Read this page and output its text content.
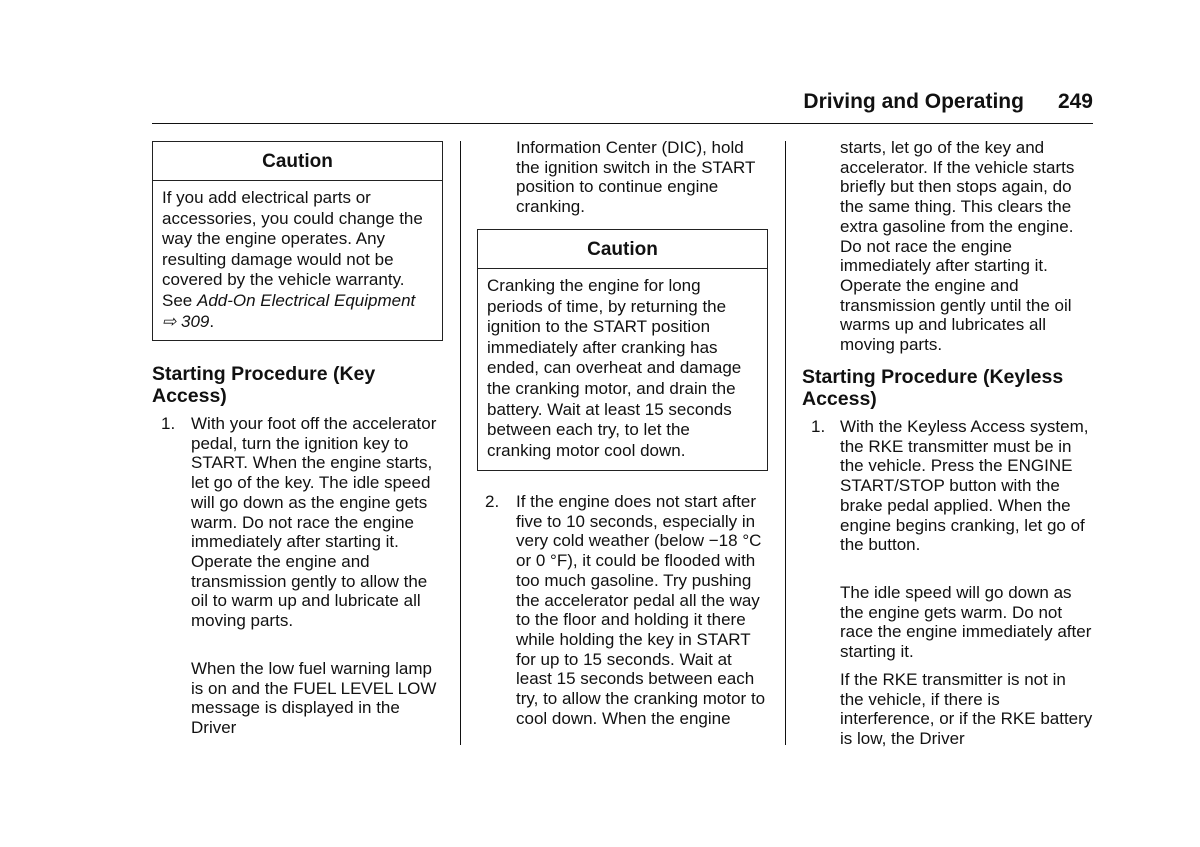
Driving and Operating 249
Caution
If you add electrical parts or accessories, you could change the way the engine operates. Any resulting damage would not be covered by the vehicle warranty. See Add-On Electrical Equipment
⇨ 309.
Starting Procedure (Key Access)
1. With your foot off the accelerator pedal, turn the ignition key to START. When the engine starts, let go of the key. The idle speed will go down as the engine gets warm. Do not race the engine immediately after starting it. Operate the engine and transmission gently to allow the oil to warm up and lubricate all moving parts.
When the low fuel warning lamp is on and the FUEL LEVEL LOW message is displayed in the Driver
Information Center (DIC), hold the ignition switch in the START position to continue engine cranking.
Caution
Cranking the engine for long periods of time, by returning the ignition to the START position immediately after cranking has ended, can overheat and damage the cranking motor, and drain the battery. Wait at least 15 seconds between each try, to let the cranking motor cool down.
2. If the engine does not start after five to 10 seconds, especially in very cold weather (below −18 °C or 0 °F), it could be flooded with too much gasoline. Try pushing the accelerator pedal all the way to the floor and holding it there while holding the key in START for up to 15 seconds. Wait at least 15 seconds between each try, to allow the cranking motor to cool down. When the engine
starts, let go of the key and accelerator. If the vehicle starts briefly but then stops again, do the same thing. This clears the extra gasoline from the engine. Do not race the engine immediately after starting it. Operate the engine and transmission gently until the oil warms up and lubricates all moving parts.
Starting Procedure (Keyless Access)
1. With the Keyless Access system, the RKE transmitter must be in the vehicle. Press the ENGINE START/STOP button with the brake pedal applied. When the engine begins cranking, let go of the button.
The idle speed will go down as the engine gets warm. Do not race the engine immediately after starting it.
If the RKE transmitter is not in the vehicle, if there is interference, or if the RKE battery is low, the Driver
